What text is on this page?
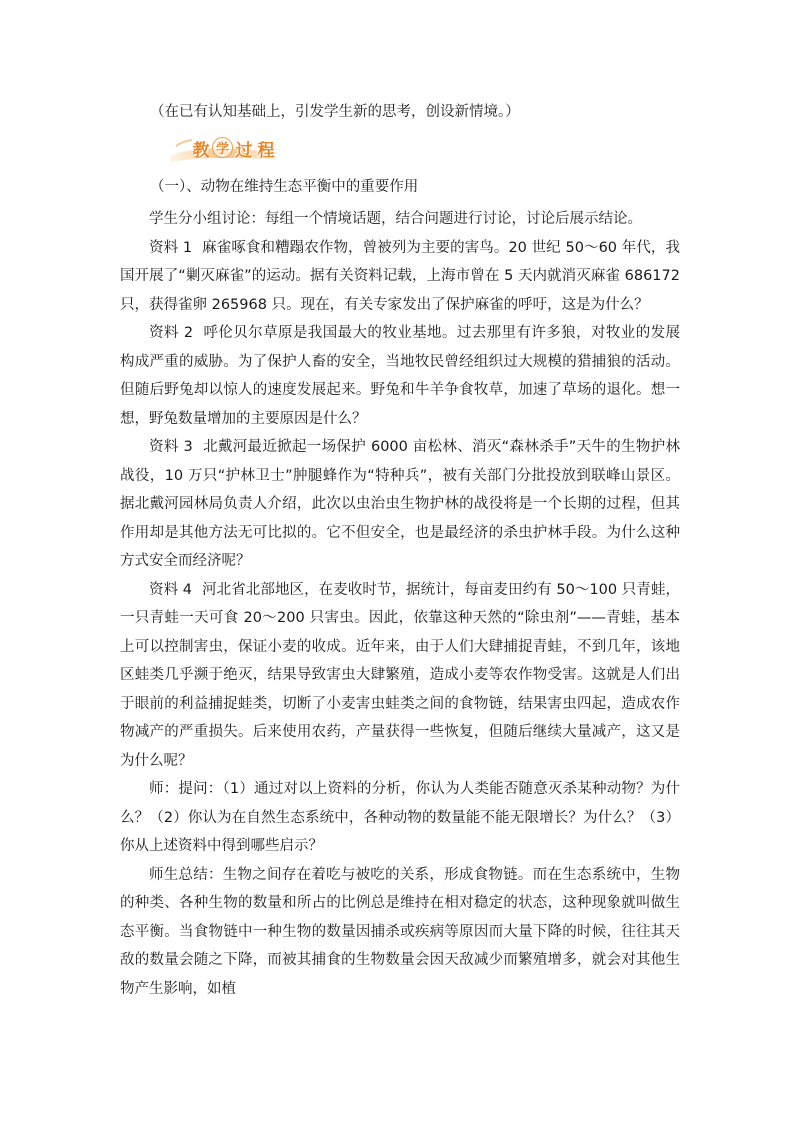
（在已有认知基础上，引发学生新的思考，创设新情境。）
教 学 过 程
（一）、动物在维持生态平衡中的重要作用

学生分小组讨论：每组一个情境话题，结合问题进行讨论，讨论后展示结论。

资料 1 麻雀啄食和糟蹋农作物，曾被列为主要的害鸟。20 世纪 50～60 年代，我国开展了“剿灭麻雀”的运动。据有关资料记载，上海市曾在 5 天内就消灭麻雀 686172 只，获得雀卵 265968 只。现在，有关专家发出了保护麻雀的呼吁，这是为什么？

资料 2 呼伦贝尔草原是我国最大的牧业基地。过去那里有许多狼，对牧业的发展构成严重的威胁。为了保护人畜的安全，当地牧民曾经组织过大规模的猎捕狼的活动。但随后野兔却以惊人的速度发展起来。野兔和牛羊争食牧草，加速了草场的退化。想一想，野兔数量增加的主要原因是什么？

资料 3 北戴河最近掀起一场保护 6000 亩松林、消灭“森林杀手”天牛的生物护林战役，10 万只“护林卫士”肿腿蜂作为“特种兵”，被有关部门分批投放到联峰山景区。据北戴河园林局负责人介绍，此次以虫治虫生物护林的战役将是一个长期的过程，但其作用却是其他方法无可比拟的。它不但安全，也是最经济的杀虫护林手段。为什么这种方式安全而经济呢？

资料 4 河北省北部地区，在麦收时节，据统计，每亩麦田约有 50～100 只青蛙，一只青蛙一天可食 20～200 只害虫。因此，依靠这种天然的“除虫剂”——青蛙，基本上可以控制害虫，保证小麦的收成。近年来，由于人们大肆捕捉青蛙，不到几年，该地区蛙类几乎濒于绝灭，结果导致害虫大肆繁殖，造成小麦等农作物受害。这就是人们出于眼前的利益捕捉蛙类，切断了小麦害虫蛙类之间的食物链，结果害虫四起，造成农作物减产的严重损失。后来使用农药，产量获得一些恢复，但随后继续大量减产，这又是为什么呢？

师：提问：（1）通过对以上资料的分析，你认为人类能否随意灭杀某种动物？为什么？（2）你认为在自然生态系统中，各种动物的数量能不能无限增长？为什么？（3）你从上述资料中得到哪些启示？

师生总结：生物之间存在着吃与被吃的关系，形成食物链。而在生态系统中，生物的种类、各种生物的数量和所占的比例总是维持在相对稳定的状态，这种现象就叫做生态平衡。当食物链中一种生物的数量因捕杀或疾病等原因而大量下降的时候，往往其天敌的数量会随之下降，而被其捕食的生物数量会因天敌减少而繁殖增多，就会对其他生物产生影响，如植
